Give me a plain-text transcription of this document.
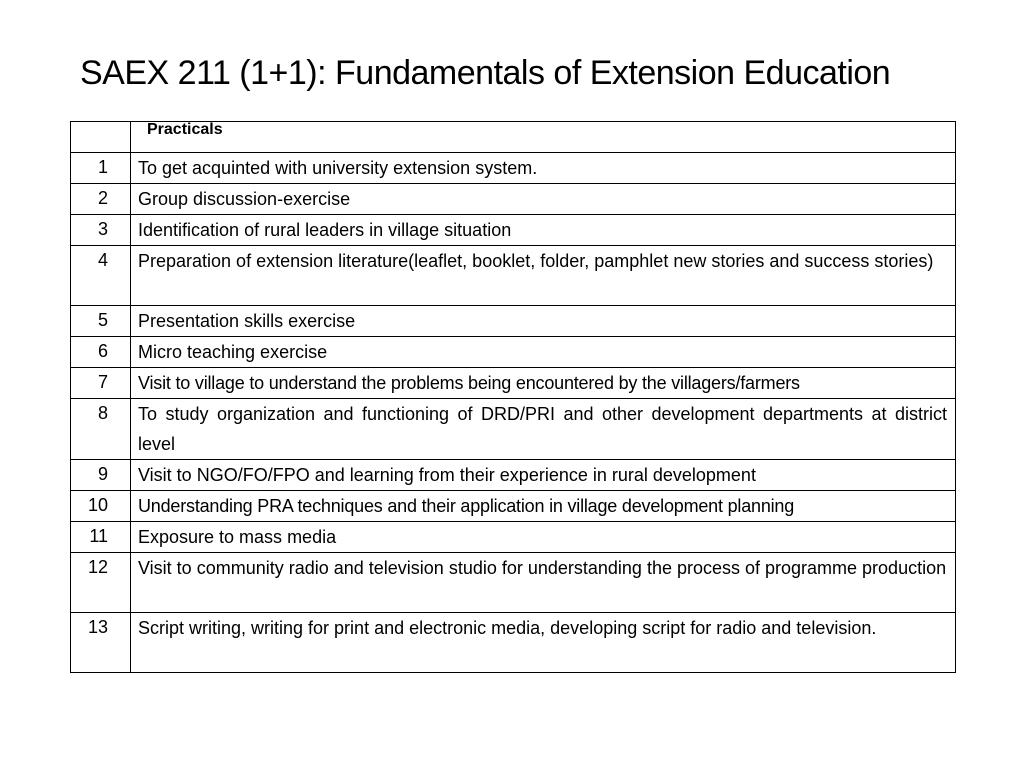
SAEX 211 (1+1): Fundamentals of Extension Education
	Practicals
1	To get acquinted with university extension system.
2	Group discussion-exercise
3	Identification of rural leaders in village situation
4	Preparation of extension literature(leaflet, booklet, folder, pamphlet new stories and success stories)
5	Presentation skills exercise
6	Micro teaching exercise
7	Visit to village to understand the problems being encountered by the villagers/farmers
8	To study organization and functioning of DRD/PRI and other development departments at district level
9	Visit to NGO/FO/FPO and learning from their experience in rural development
10	Understanding PRA techniques and their application in village development planning
11	Exposure to mass media
12	Visit to community radio and television studio for understanding the process of programme production
13	Script writing, writing for print and electronic media, developing script for radio and television.
